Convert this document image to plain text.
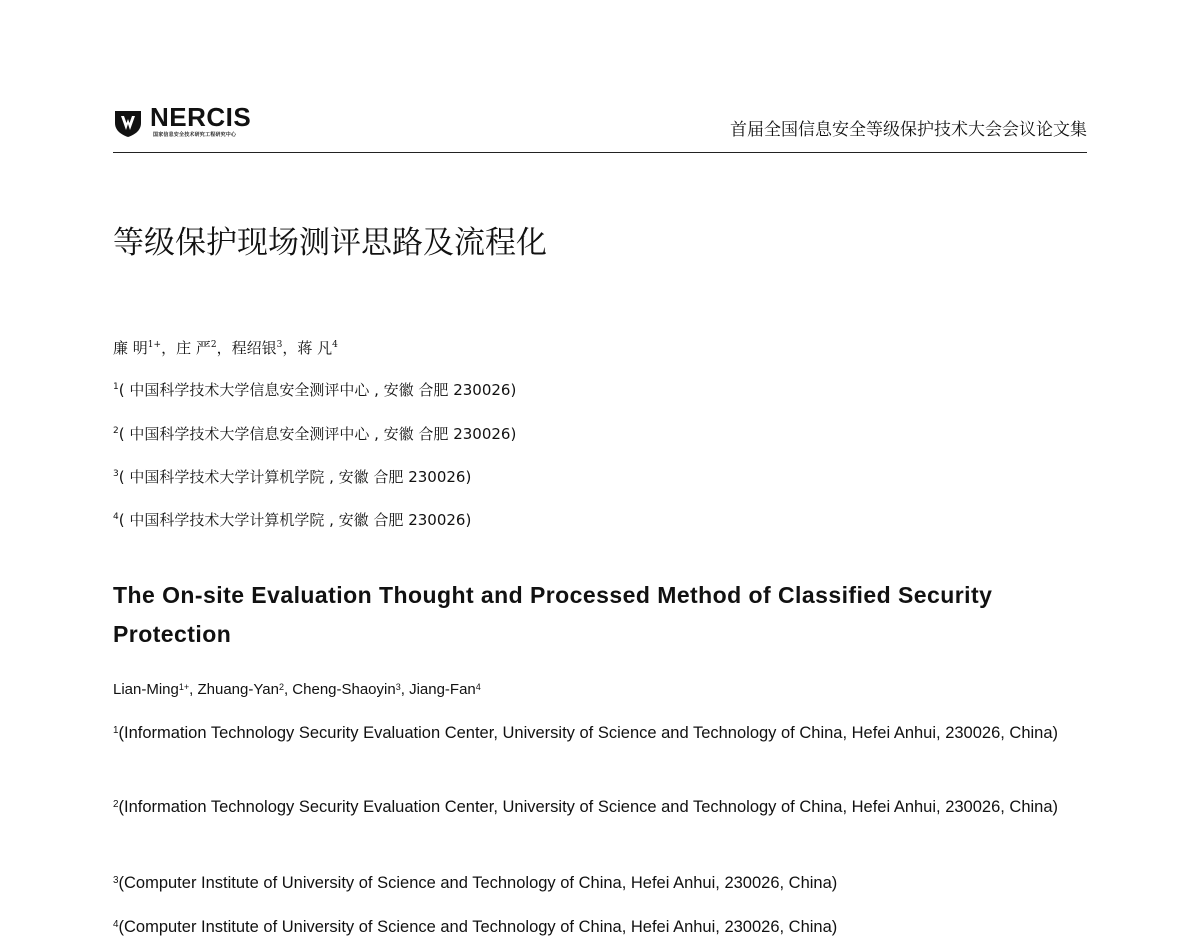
NERCIS
国家信息安全技术研究工程研究中心	首届全国信息安全等级保护技术大会会议论文集
等级保护现场测评思路及流程化
廉 明$^{1+}$，庄 严$^2$，程绍银$^3$，蒋 凡$^4$
$^1$( 中国科学技术大学信息安全测评中心 , 安徽 合肥 230026)
$^2$( 中国科学技术大学信息安全测评中心 , 安徽 合肥 230026)
$^3$( 中国科学技术大学计算机学院 , 安徽 合肥 230026)
$^4$( 中国科学技术大学计算机学院 , 安徽 合肥 230026)
The On-site Evaluation Thought and Processed Method of Classified Security Protection
Lian-Ming$^{1+}$, Zhuang-Yan$^2$, Cheng-Shaoyin$^3$, Jiang-Fan$^4$
$^1$(Information Technology Security Evaluation Center, University of Science and Technology of China, Hefei Anhui, 230026, China)
$^2$(Information Technology Security Evaluation Center, University of Science and Technology of China, Hefei Anhui, 230026, China)
$^3$(Computer Institute of University of Science and Technology of China, Hefei Anhui, 230026, China)
$^4$(Computer Institute of University of Science and Technology of China, Hefei Anhui, 230026, China)
